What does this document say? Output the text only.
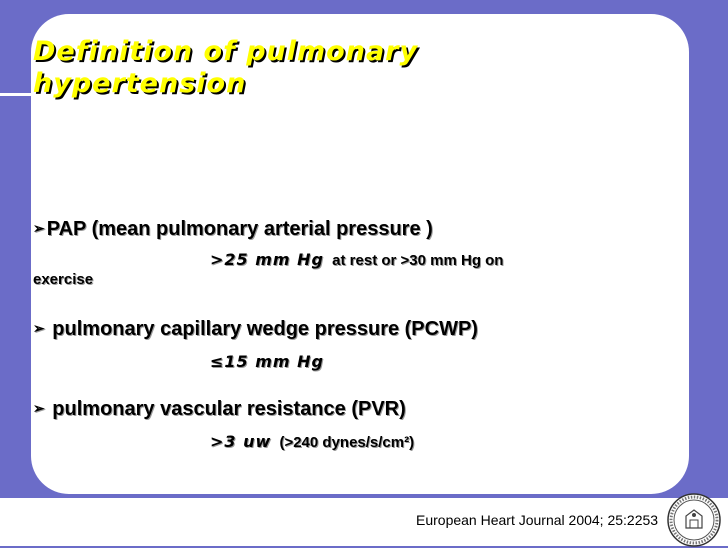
Definition of pulmonary
hypertension
➢ PAP (mean pulmonary arterial pressure )
>25 mm Hg at rest or >30 mm Hg on
exercise
➢ pulmonary capillary wedge pressure (PCWP)
≤15 mm Hg
➢ pulmonary vascular resistance (PVR)
>3 uw (>240 dynes/s/cm²)
European Heart Journal 2004; 25:2253
